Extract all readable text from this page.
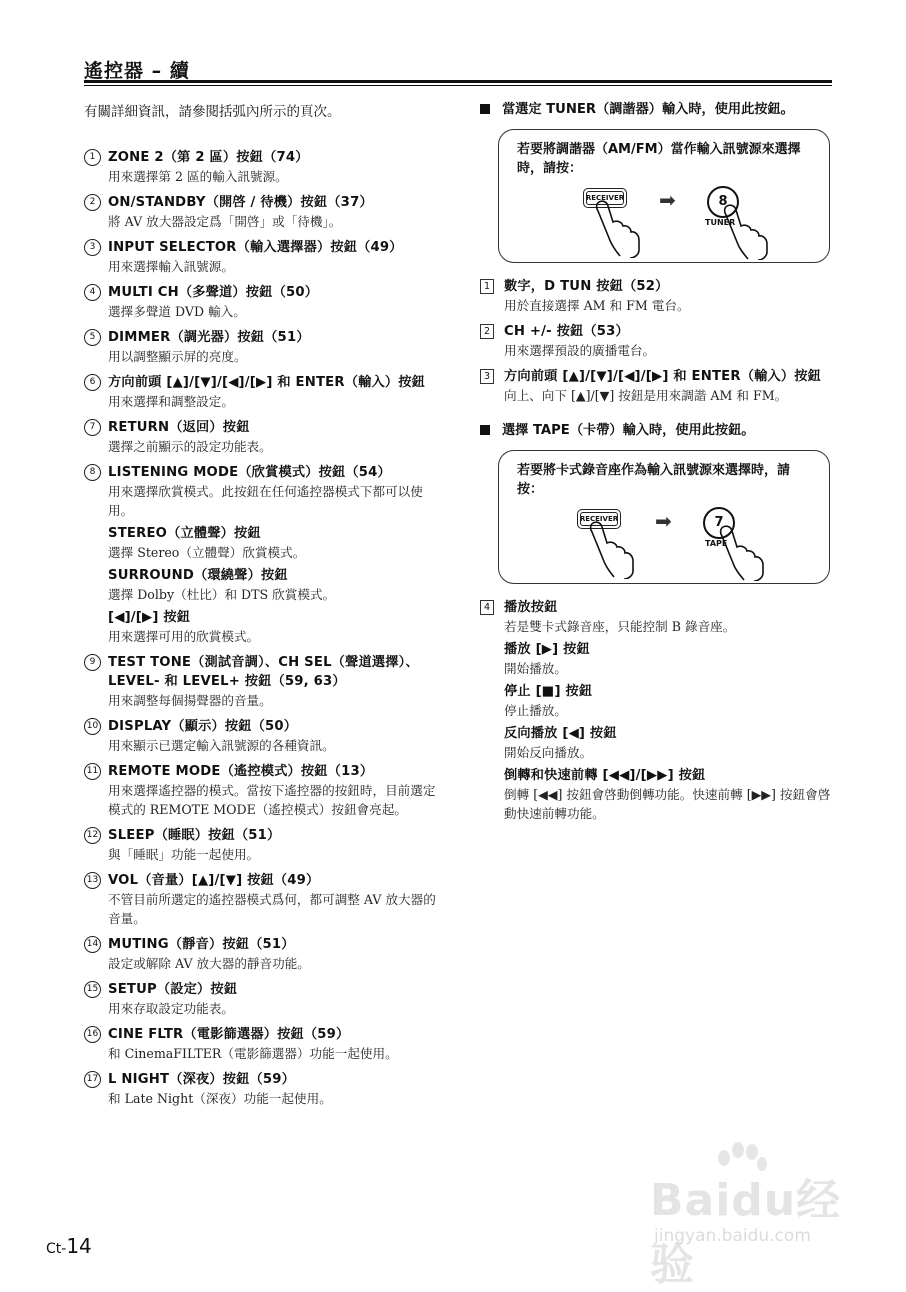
遙控器 – 續
有關詳細資訊，請參閱括弧內所示的頁次。
1 ZONE 2（第 2 區）按鈕（74）
用來選擇第 2 區的輸入訊號源。
2 ON/STANDBY（開啓 / 待機）按鈕（37）
將 AV 放大器設定爲「開啓」或「待機」。
3 INPUT SELECTOR（輸入選擇器）按鈕（49）
用來選擇輸入訊號源。
4 MULTI CH（多聲道）按鈕（50）
選擇多聲道 DVD 輸入。
5 DIMMER（調光器）按鈕（51）
用以調整顯示屏的亮度。
6 方向前頭 [▲]/[▼]/[◀]/[▶] 和 ENTER（輸入）按鈕
用來選擇和調整設定。
7 RETURN（返回）按鈕
選擇之前顯示的設定功能表。
8 LISTENING MODE（欣賞模式）按鈕（54）
用來選擇欣賞模式。此按鈕在任何遙控器模式下都可以使用。
STEREO（立體聲）按鈕
選擇 Stereo（立體聲）欣賞模式。
SURROUND（環繞聲）按鈕
選擇 Dolby（杜比）和 DTS 欣賞模式。
[◀]/[▶] 按鈕
用來選擇可用的欣賞模式。
9 TEST TONE（測試音調）、CH SEL（聲道選擇）、LEVEL- 和 LEVEL+ 按鈕（59, 63）
用來調整每個揚聲器的音量。
10 DISPLAY（顯示）按鈕（50）
用來顯示已選定輸入訊號源的各種資訊。
11 REMOTE MODE（遙控模式）按鈕（13）
用來選擇遙控器的模式。當按下遙控器的按鈕時，目前選定模式的 REMOTE MODE（遙控模式）按鈕會亮起。
12 SLEEP（睡眠）按鈕（51）
與「睡眠」功能一起使用。
13 VOL（音量）[▲]/[▼] 按鈕（49）
不管目前所選定的遙控器模式爲何，都可調整 AV 放大器的音量。
14 MUTING（靜音）按鈕（51）
設定或解除 AV 放大器的靜音功能。
15 SETUP（設定）按鈕
用來存取設定功能表。
16 CINE FLTR（電影篩選器）按鈕（59）
和 CinemaFILTER（電影篩選器）功能一起使用。
17 L NIGHT（深夜）按鈕（59）
和 Late Night（深夜）功能一起使用。
當選定 TUNER（調諧器）輸入時，使用此按鈕。
若要將調諧器（AM/FM）當作輸入訊號源來選擇時，請按：
RECEIVER ➡	8
TUNER
1	數字，D TUN 按鈕（52）
用於直接選擇 AM 和 FM 電台。
2	CH +/- 按鈕（53）
用來選擇預設的廣播電台。
3	方向前頭 [▲]/[▼]/[◀]/[▶] 和 ENTER（輸入）按鈕
向上、向下 [▲]/[▼] 按鈕是用來調諧 AM 和 FM。
選擇 TAPE（卡帶）輸入時，使用此按鈕。
若要將卡式錄音座作為輸入訊號源來選擇時，請按：
RECEIVER ➡	7
TAPE
4	播放按鈕
若是雙卡式錄音座，只能控制 B 錄音座。
播放 [▶] 按鈕
開始播放。
停止 [■] 按鈕
停止播放。
反向播放 [◀] 按鈕
開始反向播放。
倒轉和快速前轉 [◀◀]/[▶▶] 按鈕
倒轉 [◀◀] 按鈕會啓動倒轉功能。快速前轉 [▶▶] 按鈕會啓動快速前轉功能。
Baidu经验
jingyan.baidu.com
Ct-14
